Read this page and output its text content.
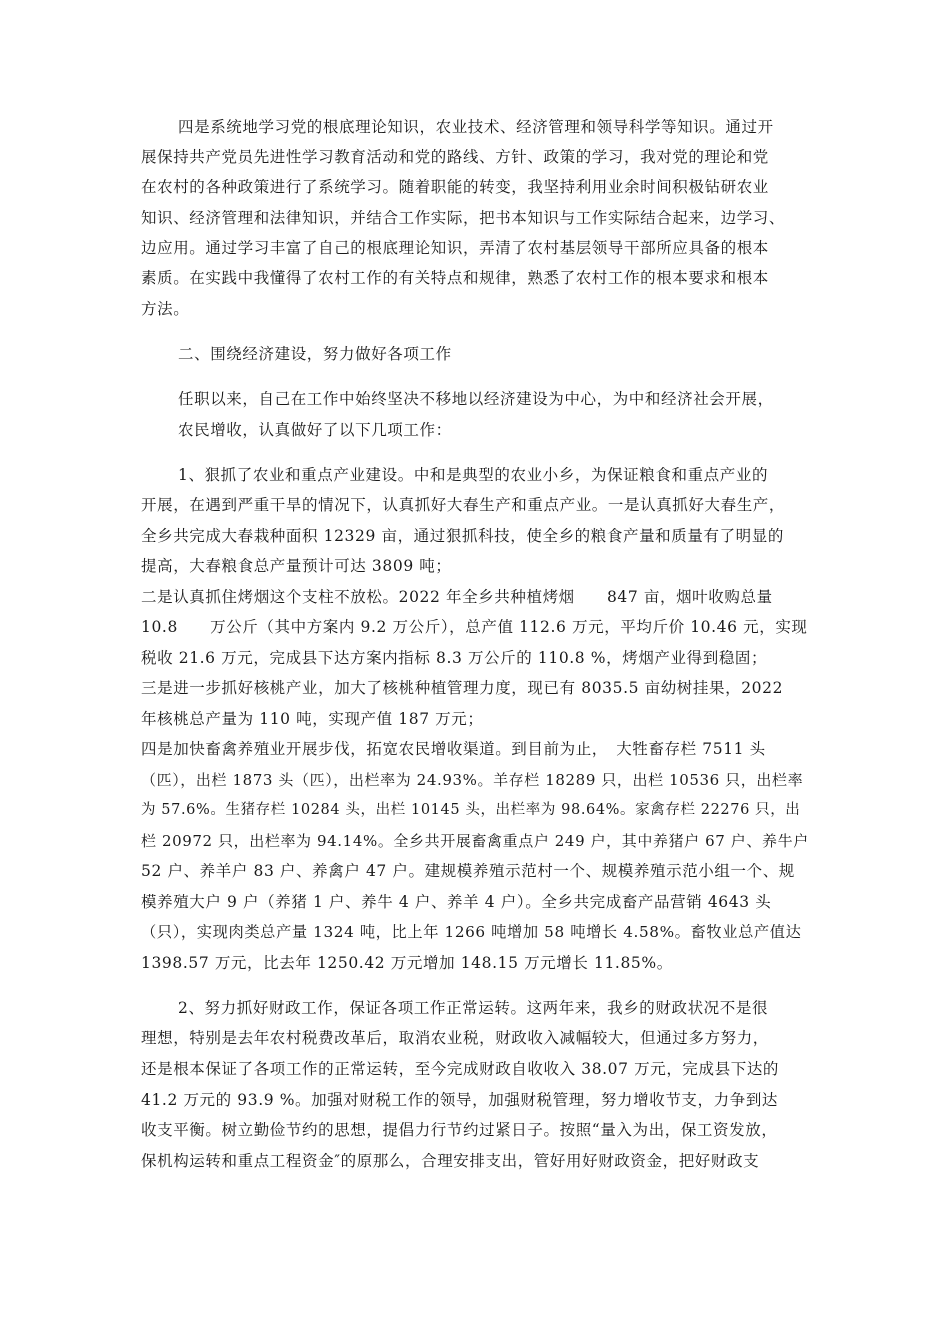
四是系统地学习党的根底理论知识，农业技术、经济管理和领导科学等知识。通过开
展保持共产党员先进性学习教育活动和党的路线、方针、政策的学习，我对党的理论和党
在农村的各种政策进行了系统学习。随着职能的转变，我坚持利用业余时间积极钻研农业
知识、经济管理和法律知识，并结合工作实际，把书本知识与工作实际结合起来，边学习、
边应用。通过学习丰富了自己的根底理论知识，弄清了农村基层领导干部所应具备的根本
素质。在实践中我懂得了农村工作的有关特点和规律，熟悉了农村工作的根本要求和根本
方法。
二、围绕经济建设，努力做好各项工作
任职以来，自己在工作中始终坚决不移地以经济建设为中心，为中和经济社会开展，
农民增收，认真做好了以下几项工作：
1、狠抓了农业和重点产业建设。中和是典型的农业小乡，为保证粮食和重点产业的
开展，在遇到严重干旱的情况下，认真抓好大春生产和重点产业。一是认真抓好大春生产，
全乡共完成大春栽种面积 12329 亩，通过狠抓科技，使全乡的粮食产量和质量有了明显的
提高，大春粮食总产量预计可达 3809 吨；
二是认真抓住烤烟这个支柱不放松。2022 年全乡共种植烤烟　　847 亩，烟叶收购总量
10.8　　万公斤（其中方案内 9.2 万公斤），总产值 112.6 万元，平均斤价 10.46 元，实现
税收 21.6 万元，完成县下达方案内指标 8.3 万公斤的 110.8 %，烤烟产业得到稳固；
三是进一步抓好核桃产业，加大了核桃种植管理力度，现已有 8035.5 亩幼树挂果，2022
年核桃总产量为 110 吨，实现产值 187 万元；
四是加快畜禽养殖业开展步伐，拓宽农民增收渠道。到目前为止，　大牲畜存栏 7511 头
（匹），出栏 1873 头（匹），出栏率为 24.93%。羊存栏 18289 只，出栏 10536 只，出栏率
为 57.6%。生猪存栏 10284 头，出栏 10145 头，出栏率为 98.64%。家禽存栏 22276 只，出
栏 20972 只，出栏率为 94.14%。全乡共开展畜禽重点户 249 户，其中养猪户 67 户、养牛户
52 户、养羊户 83 户、养禽户 47 户。建规模养殖示范村一个、规模养殖示范小组一个、规
模养殖大户 9 户（养猪 1 户、养牛 4 户、养羊 4 户）。全乡共完成畜产品营销 4643 头
（只），实现肉类总产量 1324 吨，比上年 1266 吨增加 58 吨增长 4.58%。畜牧业总产值达
1398.57 万元，比去年 1250.42 万元增加 148.15 万元增长 11.85%。
2、努力抓好财政工作，保证各项工作正常运转。这两年来，我乡的财政状况不是很
理想，特别是去年农村税费改革后，取消农业税，财政收入减幅较大，但通过多方努力，
还是根本保证了各项工作的正常运转，至今完成财政自收收入 38.07 万元，完成县下达的
41.2 万元的 93.9 %。加强对财税工作的领导，加强财税管理，努力增收节支，力争到达
收支平衡。树立勤俭节约的思想，提倡力行节约过紧日子。按照“量入为出，保工资发放，
保机构运转和重点工程资金″的原那么，合理安排支出，管好用好财政资金，把好财政支
